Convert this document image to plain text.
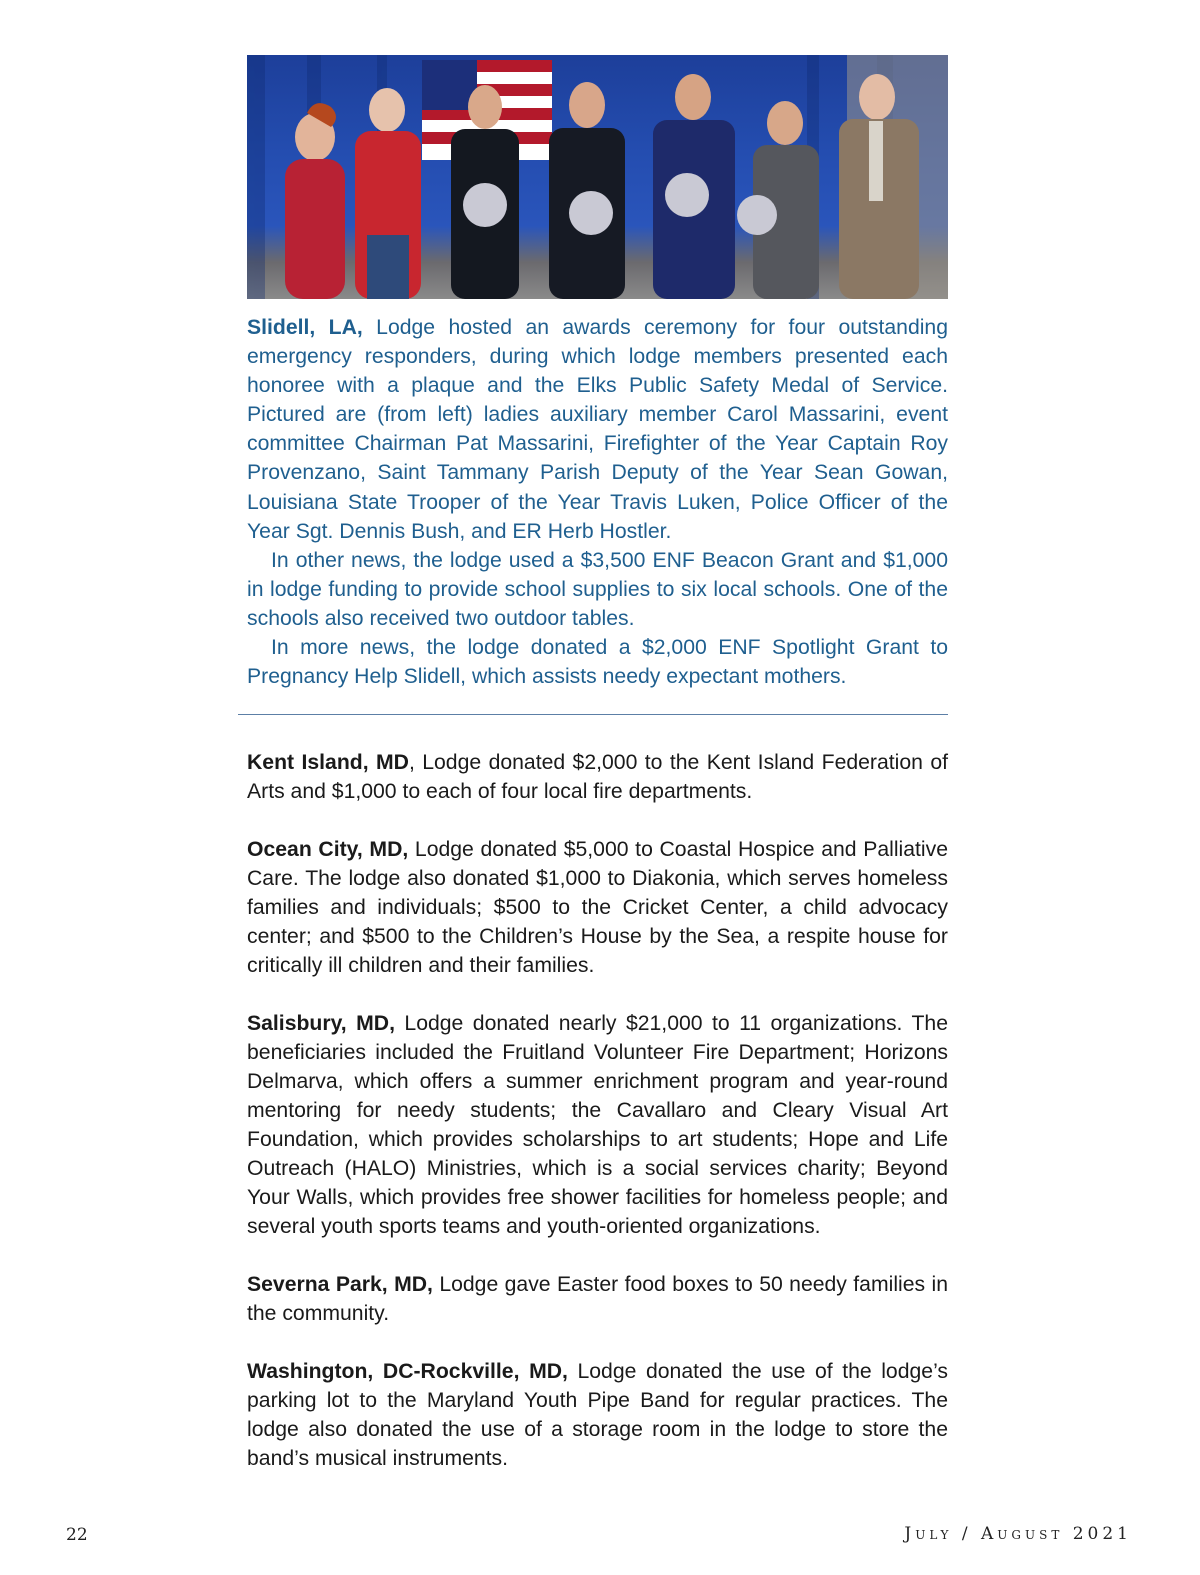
Slidell, LA, Lodge hosted an awards ceremony for four outstanding emergency responders, during which lodge members presented each honoree with a plaque and the Elks Public Safety Medal of Service. Pictured are (from left) ladies auxiliary member Carol Massarini, event committee Chairman Pat Massarini, Firefighter of the Year Captain Roy Provenzano, Saint Tammany Parish Deputy of the Year Sean Gowan, Louisiana State Trooper of the Year Travis Luken, Police Officer of the Year Sgt. Dennis Bush, and ER Herb Hostler.

In other news, the lodge used a $3,500 ENF Beacon Grant and $1,000 in lodge funding to provide school supplies to six local schools. One of the schools also received two outdoor tables.

In more news, the lodge donated a $2,000 ENF Spotlight Grant to Pregnancy Help Slidell, which assists needy expectant mothers.

Kent Island, MD, Lodge donated $2,000 to the Kent Island Federation of Arts and $1,000 to each of four local fire departments.

Ocean City, MD, Lodge donated $5,000 to Coastal Hospice and Palliative Care. The lodge also donated $1,000 to Diakonia, which serves homeless families and individuals; $500 to the Cricket Center, a child advocacy center; and $500 to the Children’s House by the Sea, a respite house for critically ill children and their families.

Salisbury, MD, Lodge donated nearly $21,000 to 11 organizations. The beneficiaries included the Fruitland Volunteer Fire Department; Horizons Delmarva, which offers a summer enrichment program and year-round mentoring for needy students; the Cavallaro and Cleary Visual Art Foundation, which provides scholarships to art students; Hope and Life Outreach (HALO) Ministries, which is a social services charity; Beyond Your Walls, which provides free shower facilities for homeless people; and several youth sports teams and youth-oriented organizations.

Severna Park, MD, Lodge gave Easter food boxes to 50 needy families in the community.

Washington, DC-Rockville, MD, Lodge donated the use of the lodge’s parking lot to the Maryland Youth Pipe Band for regular practices. The lodge also donated the use of a storage room in the lodge to store the band’s musical instruments.

22	July / August 2021
